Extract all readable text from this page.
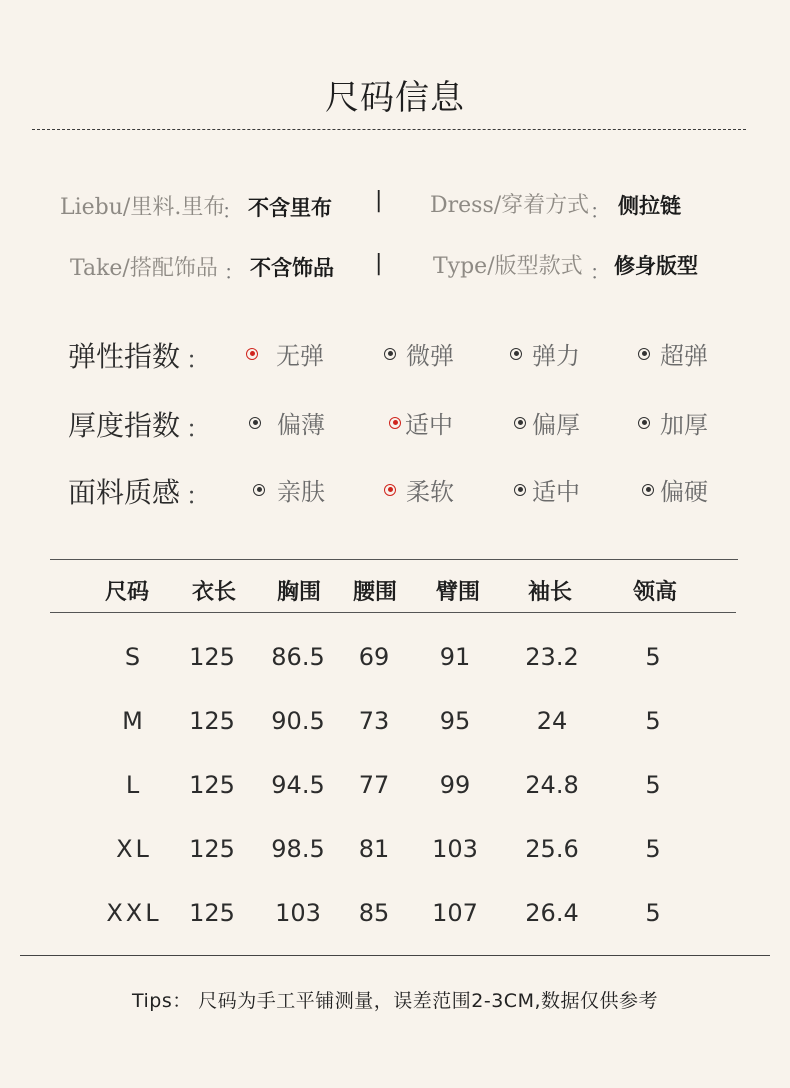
尺码信息
Liebu/里料.里布
： 不含里布 | Dress/穿着方式 ： 侧拉链
Take/搭配饰品 ： 不含饰品 | Type/版型款式 ： 修身版型
弹性指数 ：	无弹	微弹	弹力	超弹
厚度指数 ：	偏薄	适中	偏厚	加厚
面料质感 ：	亲肤	柔软	适中	偏硬
尺码 衣长 胸围 腰围 臂围 袖长	领高
S 125 86.5 69 91 23.2	5
M 125 90.5 73 95	24	5
L 125 94.5 77 99 24.8	5
XL 125 98.5 81 103 25.6	5
XXL 125 103 85 107 26.4	5
Tips： 尺码为手工平铺测量，误差范围2-3CM,数据仅供参考
